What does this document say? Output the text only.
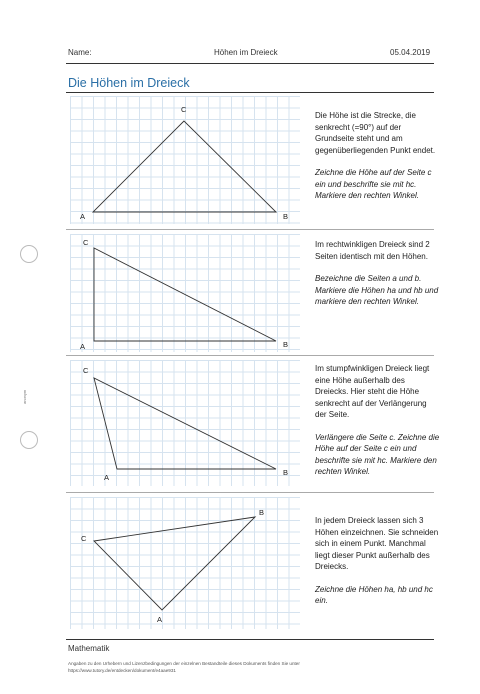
Name:	Höhen im Dreieck	05.04.2019
Die Höhen im Dreieck
anonym
C
A	B
C
A	B
C
A
B
B
C
A

Die Höhe ist die Strecke, die senkrecht (=90°) auf der Grundseite steht und am gegenüberliegenden Punkt endet.

Zeichne die Höhe auf der Seite c ein und beschrifte sie mit hc. Markiere den rechten Winkel.

Im rechtwinkligen Dreieck sind 2 Seiten identisch mit den Höhen.

Bezeichne die Seiten a und b. Markiere die Höhen ha und hb und markiere den rechten Winkel.

Im stumpfwinkligen Dreieck liegt eine Höhe außerhalb des Dreiecks. Hier steht die Höhe senkrecht auf der Verlängerung der Seite.

Verlängere die Seite c. Zeichne die Höhe auf der Seite c ein und beschrifte sie mit hc. Markiere den rechten Winkel.

In jedem Dreieck lassen sich 3 Höhen einzeichnen. Sie schneiden sich in einem Punkt. Manchmal liegt dieser Punkt außerhalb des Dreiecks.

Zeichne die Höhen ha, hb und hc ein.

Mathematik
Angaben zu den Urhebern und Lizenzbedingungen der einzelnen Bestandteile dieses Dokuments finden Sie unter
https://www.tutory.de/entdecken/dokument/e4aae931
